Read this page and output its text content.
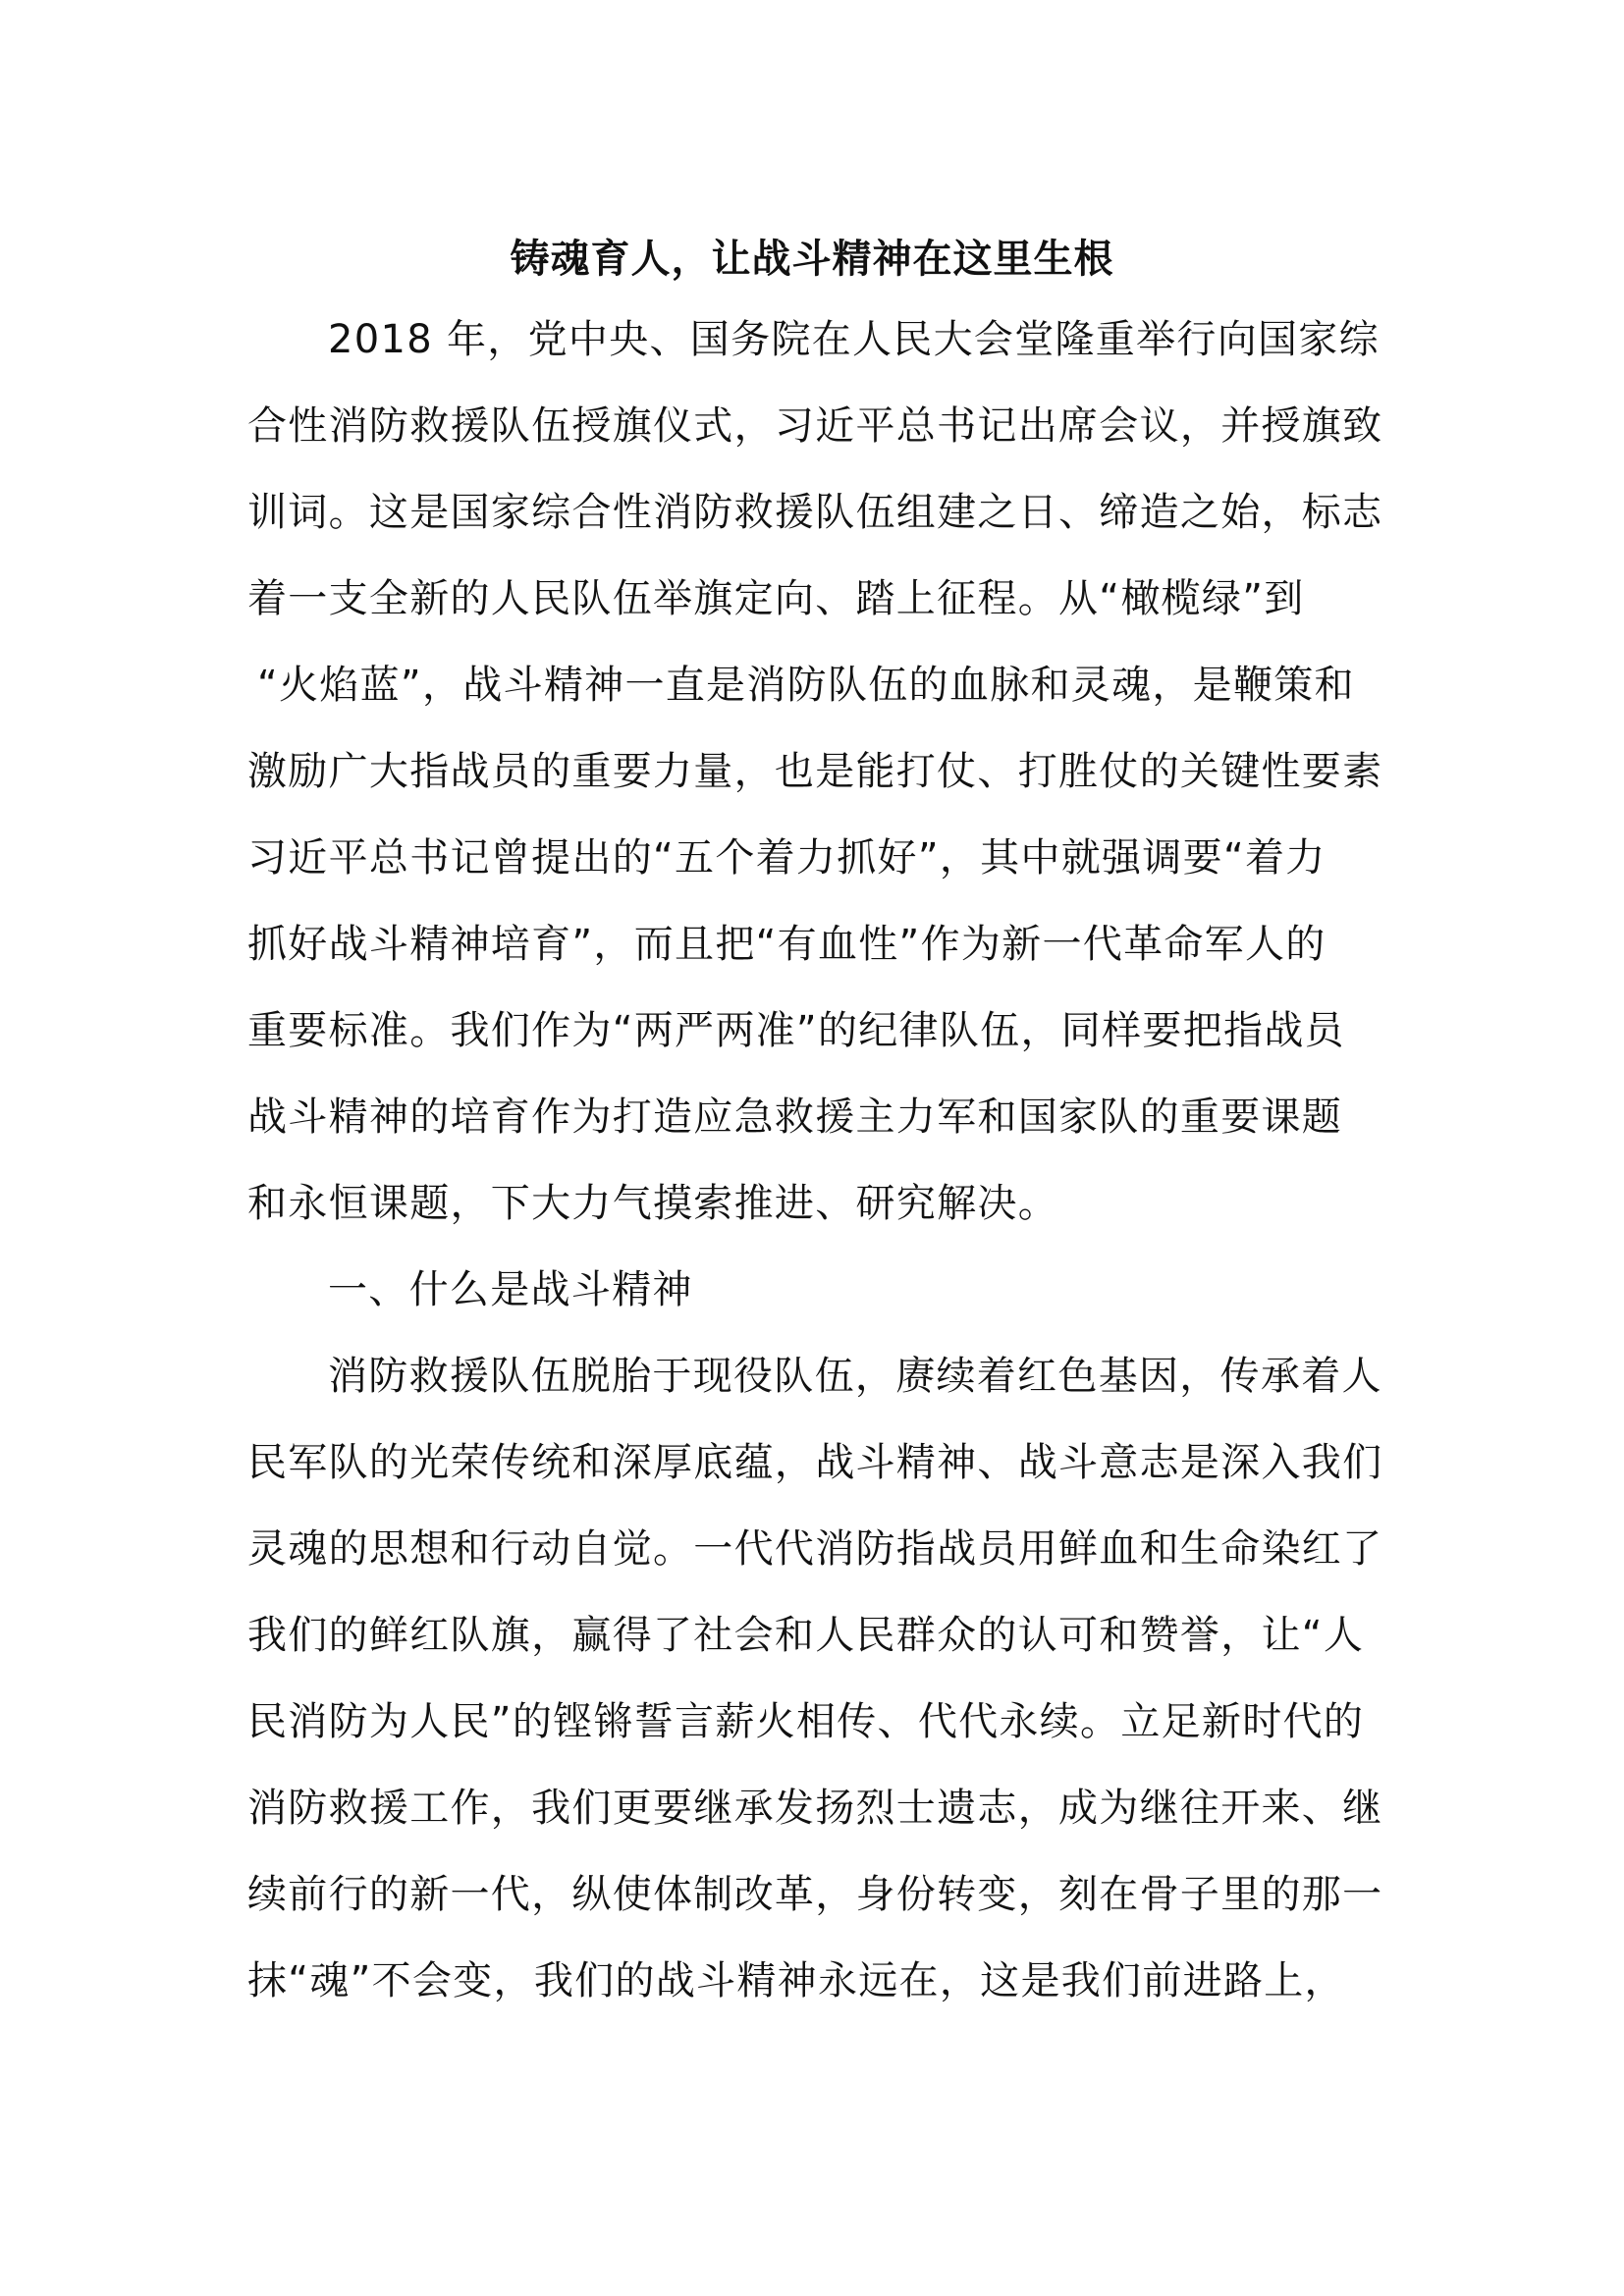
铸魂育人，让战斗精神在这里生根
2018 年，党中央、国务院在人民大会堂隆重举行向国家综
合性消防救援队伍授旗仪式，习近平总书记出席会议，并授旗致
训词。这是国家综合性消防救援队伍组建之日、缔造之始，标志
着一支全新的人民队伍举旗定向、踏上征程。从“橄榄绿”到
“火焰蓝”，战斗精神一直是消防队伍的血脉和灵魂，是鞭策和
激励广大指战员的重要力量，也是能打仗、打胜仗的关键性要素
习近平总书记曾提出的“五个着力抓好”，其中就强调要“着力
抓好战斗精神培育”，而且把“有血性”作为新一代革命军人的
重要标准。我们作为“两严两准”的纪律队伍，同样要把指战员
战斗精神的培育作为打造应急救援主力军和国家队的重要课题
和永恒课题，下大力气摸索推进、研究解决。
一、什么是战斗精神
消防救援队伍脱胎于现役队伍，赓续着红色基因，传承着人
民军队的光荣传统和深厚底蕴，战斗精神、战斗意志是深入我们
灵魂的思想和行动自觉。一代代消防指战员用鲜血和生命染红了
我们的鲜红队旗，赢得了社会和人民群众的认可和赞誉，让“人
民消防为人民”的铿锵誓言薪火相传、代代永续。立足新时代的
消防救援工作，我们更要继承发扬烈士遗志，成为继往开来、继
续前行的新一代，纵使体制改革，身份转变，刻在骨子里的那一
抹“魂”不会变，我们的战斗精神永远在，这是我们前进路上，
